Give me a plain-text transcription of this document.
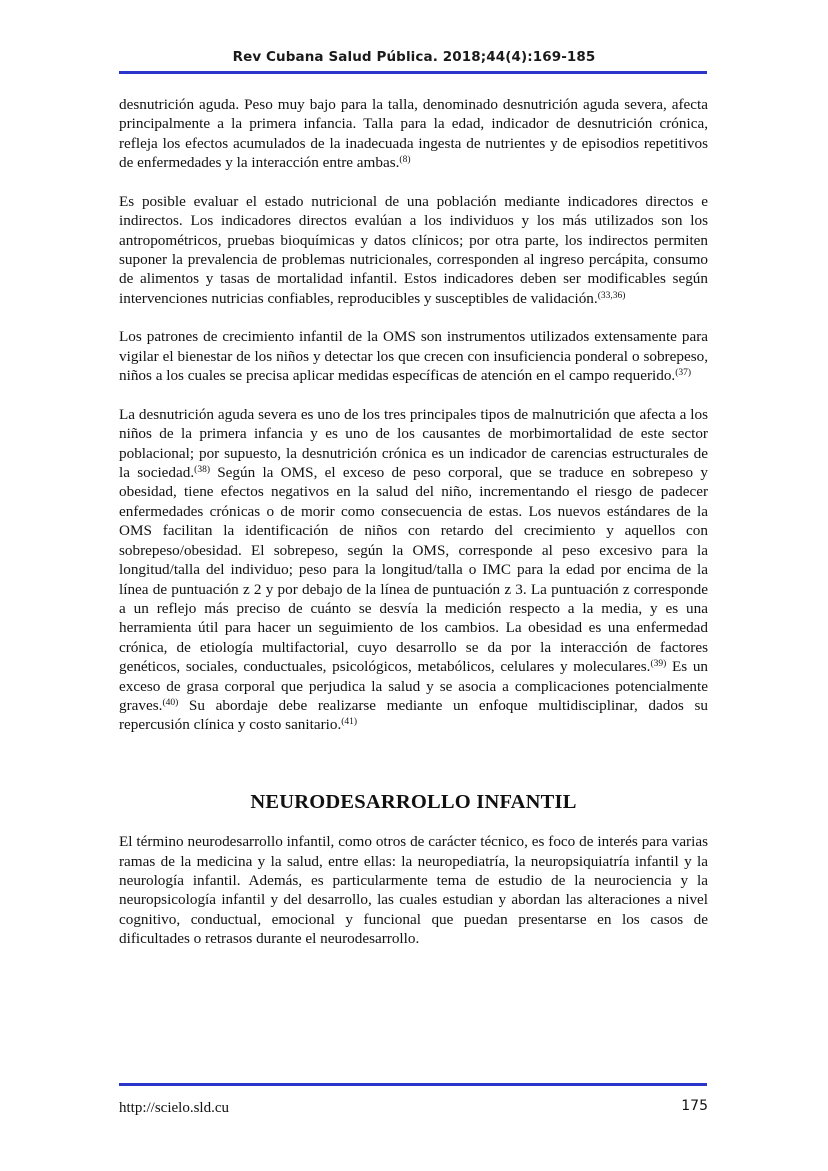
Rev Cubana Salud Pública. 2018;44(4):169-185

desnutrición aguda. Peso muy bajo para la talla, denominado desnutrición aguda severa, afecta principalmente a la primera infancia. Talla para la edad, indicador de desnutrición crónica, refleja los efectos acumulados de la inadecuada ingesta de nutrientes y de episodios repetitivos de enfermedades y la interacción entre ambas.$^{(8)}$

Es posible evaluar el estado nutricional de una población mediante indicadores directos e indirectos. Los indicadores directos evalúan a los individuos y los más utilizados son los antropométricos, pruebas bioquímicas y datos clínicos; por otra parte, los indirectos permiten suponer la prevalencia de problemas nutricionales, corresponden al ingreso percápita, consumo de alimentos y tasas de mortalidad infantil. Estos indicadores deben ser modificables según intervenciones nutricias confiables, reproducibles y susceptibles de validación.$^{(33,36)}$

Los patrones de crecimiento infantil de la OMS son instrumentos utilizados extensamente para vigilar el bienestar de los niños y detectar los que crecen con insuficiencia ponderal o sobrepeso, niños a los cuales se precisa aplicar medidas específicas de atención en el campo requerido.$^{(37)}$

La desnutrición aguda severa es uno de los tres principales tipos de malnutrición que afecta a los niños de la primera infancia y es uno de los causantes de morbimortalidad de este sector poblacional; por supuesto, la desnutrición crónica es un indicador de carencias estructurales de la sociedad.$^{(38)}$ Según la OMS, el exceso de peso corporal, que se traduce en sobrepeso y obesidad, tiene efectos negativos en la salud del niño, incrementando el riesgo de padecer enfermedades crónicas o de morir como consecuencia de estas. Los nuevos estándares de la OMS facilitan la identificación de niños con retardo del crecimiento y aquellos con sobrepeso/obesidad. El sobrepeso, según la OMS, corresponde al peso excesivo para la longitud/talla del individuo; peso para la longitud/talla o IMC para la edad por encima de la línea de puntuación z 2 y por debajo de la línea de puntuación z 3. La puntuación z corresponde a un reflejo más preciso de cuánto se desvía la medición respecto a la media, y es una herramienta útil para hacer un seguimiento de los cambios. La obesidad es una enfermedad crónica, de etiología multifactorial, cuyo desarrollo se da por la interacción de factores genéticos, sociales, conductuales, psicológicos, metabólicos, celulares y moleculares.$^{(39)}$ Es un exceso de grasa corporal que perjudica la salud y se asocia a complicaciones potencialmente graves.$^{(40)}$ Su abordaje debe realizarse mediante un enfoque multidisciplinar, dados su repercusión clínica y costo sanitario.$^{(41)}$

NEURODESARROLLO INFANTIL

El término neurodesarrollo infantil, como otros de carácter técnico, es foco de interés para varias ramas de la medicina y la salud, entre ellas: la neuropediatría, la neuropsiquiatría infantil y la neurología infantil. Además, es particularmente tema de estudio de la neurociencia y la neuropsicología infantil y del desarrollo, las cuales estudian y abordan las alteraciones a nivel cognitivo, conductual, emocional y funcional que puedan presentarse en los casos de dificultades o retrasos durante el neurodesarrollo.

http://scielo.sld.cu	175
